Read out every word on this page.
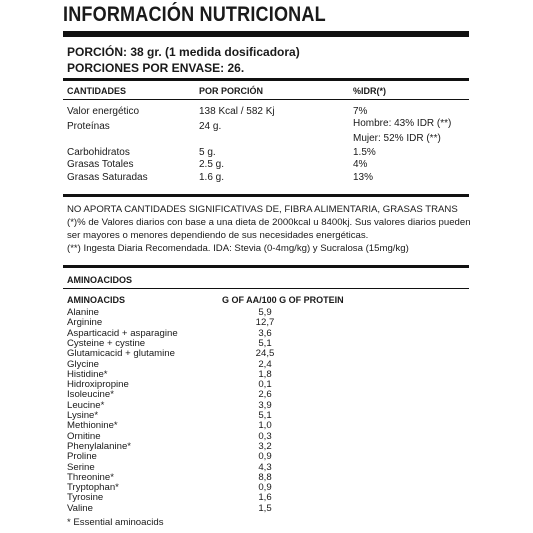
INFORMACIÓN NUTRICIONAL
PORCIÓN: 38 gr. (1 medida dosificadora)
PORCIONES POR ENVASE: 26.
CANTIDADES	POR PORCIÓN	%IDR(*)
Valor energético	138 Kcal / 582 Kj	7%
Proteínas	24 g.	Hombre: 43% IDR (**)
Mujer: 52% IDR (**)
Carbohidratos	5 g.	1.5%
Grasas Totales	2.5 g.	4%
Grasas Saturadas	1.6 g.	13%
NO APORTA CANTIDADES SIGNIFICATIVAS DE, FIBRA ALIMENTARIA, GRASAS TRANS
(*)% de Valores diarios con base a una dieta de 2000kcal u 8400kj. Sus valores diarios pueden
ser mayores o menores dependiendo de sus necesidades energéticas.
(**) Ingesta Diaria Recomendada. IDA: Stevia (0-4mg/kg) y Sucralosa (15mg/kg)
AMINOACIDOS
AMINOACIDS	G OF AA/100 G OF PROTEIN
Alanine	5,9
Arginine	12,7
Asparticacid + asparagine	3,6
Cysteine + cystine	5,1
Glutamicacid + glutamine	24,5
Glycine	2,4
Histidine*	1,8
Hidroxipropine	0,1
Isoleucine*	2,6
Leucine*	3,9
Lysine*	5,1
Methionine*	1,0
Ornitine	0,3
Phenylalanine*	3,2
Proline	0,9
Serine	4,3
Threonine*	8,8
Tryptophan*	0,9
Tyrosine	1,6
Valine	1,5
* Essential aminoacids
